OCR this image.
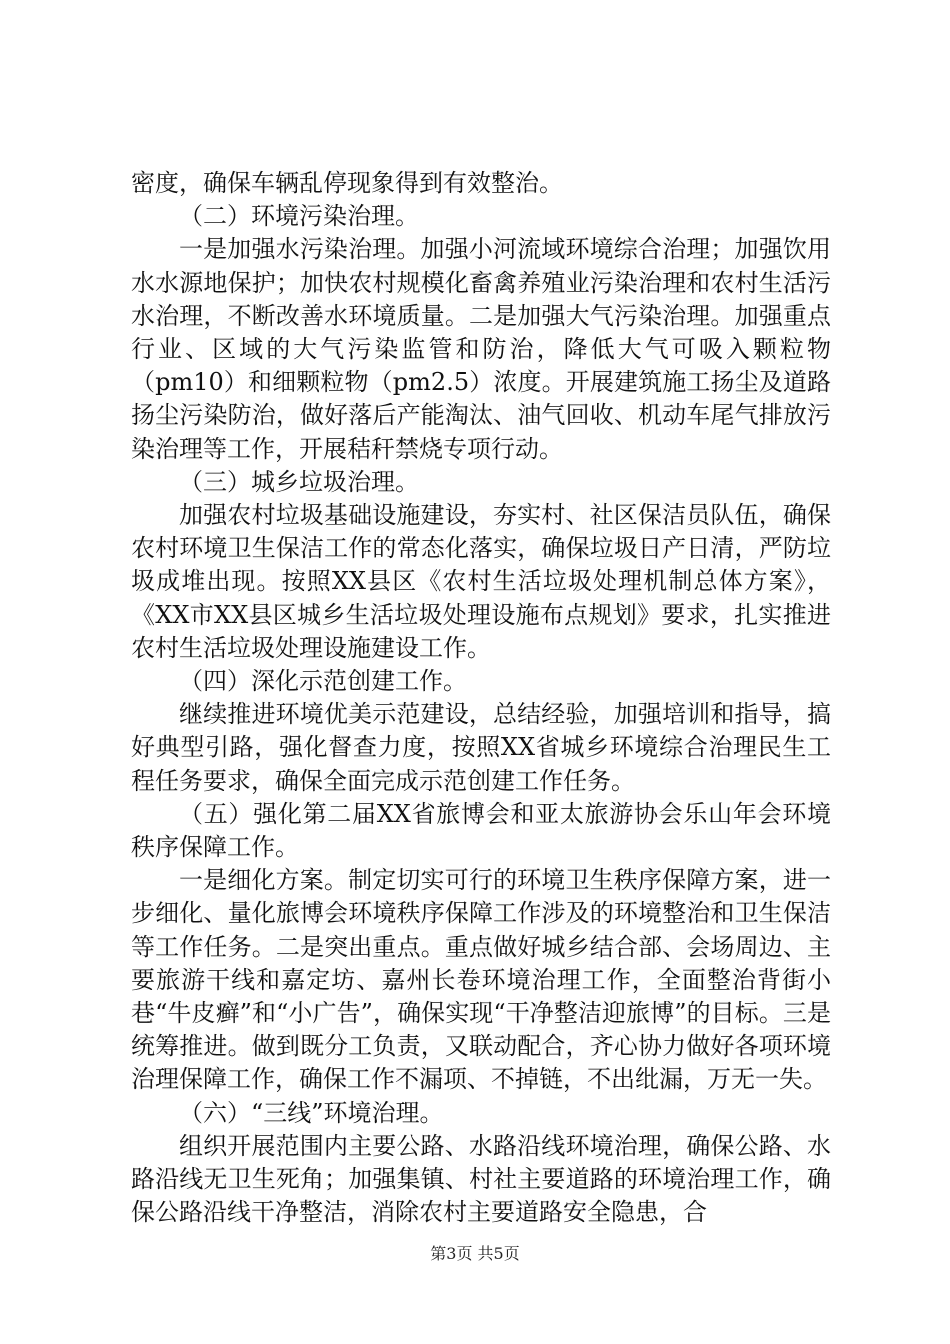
密度，确保车辆乱停现象得到有效整治。

（二）环境污染治理。

一是加强水污染治理。加强小河流域环境综合治理；加强饮用水水源地保护；加快农村规模化畜禽养殖业污染治理和农村生活污水治理，不断改善水环境质量。二是加强大气污染治理。加强重点行业、区域的大气污染监管和防治，降低大气可吸入颗粒物（pm10）和细颗粒物（pm2.5）浓度。开展建筑施工扬尘及道路扬尘污染防治，做好落后产能淘汰、油气回收、机动车尾气排放污染治理等工作，开展秸秆禁烧专项行动。

（三）城乡垃圾治理。

加强农村垃圾基础设施建设，夯实村、社区保洁员队伍，确保农村环境卫生保洁工作的常态化落实，确保垃圾日产日清，严防垃圾成堆出现。按照XX县区《农村生活垃圾处理机制总体方案》，《XX市XX县区城乡生活垃圾处理设施布点规划》要求，扎实推进农村生活垃圾处理设施建设工作。

（四）深化示范创建工作。

继续推进环境优美示范建设，总结经验，加强培训和指导，搞好典型引路，强化督查力度，按照XX省城乡环境综合治理民生工程任务要求，确保全面完成示范创建工作任务。

（五）强化第二届XX省旅博会和亚太旅游协会乐山年会环境秩序保障工作。

一是细化方案。制定切实可行的环境卫生秩序保障方案，进一步细化、量化旅博会环境秩序保障工作涉及的环境整治和卫生保洁等工作任务。二是突出重点。重点做好城乡结合部、会场周边、主要旅游干线和嘉定坊、嘉州长卷环境治理工作，全面整治背街小巷“牛皮癣”和“小广告”，确保实现“干净整洁迎旅博”的目标。三是统筹推进。做到既分工负责，又联动配合，齐心协力做好各项环境治理保障工作，确保工作不漏项、不掉链，不出纰漏，万无一失。

（六）“三线”环境治理。

组织开展范围内主要公路、水路沿线环境治理，确保公路、水路沿线无卫生死角；加强集镇、村社主要道路的环境治理工作，确保公路沿线干净整洁，消除农村主要道路安全隐患，合

第3页 共5页
